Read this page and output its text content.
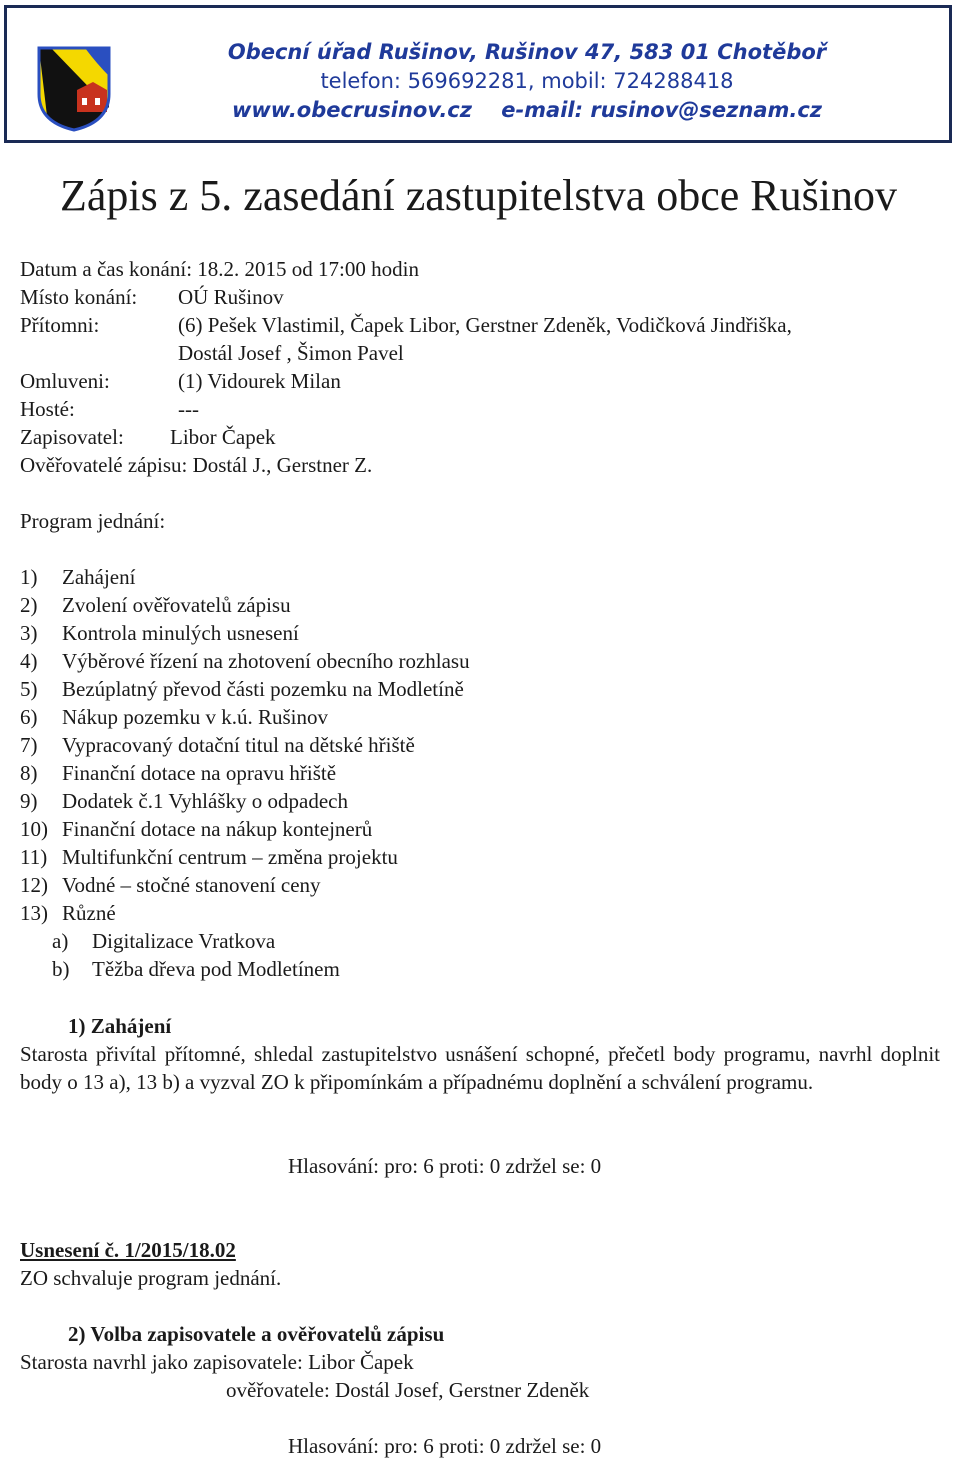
Obecní úřad Rušinov, Rušinov 47, 583 01 Chotěboř
telefon: 569692281, mobil: 724288418
www.obecrusinov.cz e-mail: rusinov@seznam.cz
Zápis z 5. zasedání zastupitelstva obce Rušinov
Datum a čas konání: 18.2. 2015 od 17:00 hodin
Místo konání: OÚ Rušinov
Přítomni:	(6) Pešek Vlastimil, Čapek Libor, Gerstner Zdeněk, Vodičková Jindřiška,
Dostál Josef , Šimon Pavel
Omluveni:	(1) Vidourek Milan
Hosté:	---
Zapisovatel: Libor Čapek
Ověřovatelé zápisu: Dostál J., Gerstner Z.
Program jednání:
1) Zahájení
2) Zvolení ověřovatelů zápisu
3) Kontrola minulých usnesení
4) Výběrové řízení na zhotovení obecního rozhlasu
5) Bezúplatný převod části pozemku na Modletíně
6) Nákup pozemku v k.ú. Rušinov
7) Vypracovaný dotační titul na dětské hřiště
8) Finanční dotace na opravu hřiště
9) Dodatek č.1 Vyhlášky o odpadech
10) Finanční dotace na nákup kontejnerů
11) Multifunkční centrum – změna projektu
12) Vodné – stočné stanovení ceny
13) Různé
a) Digitalizace Vratkova
b) Těžba dřeva pod Modletínem
1) Zahájení
Starosta přivítal přítomné, shledal zastupitelstvo usnášení schopné, přečetl body programu, navrhl doplnit body o 13 a), 13 b) a vyzval ZO k připomínkám a případnému doplnění a schválení programu.
Hlasování: pro: 6 proti: 0 zdržel se: 0
Usnesení č. 1/2015/18.02
ZO schvaluje program jednání.
2) Volba zapisovatele a ověřovatelů zápisu
Starosta navrhl jako zapisovatele: Libor Čapek
ověřovatele: Dostál Josef, Gerstner Zdeněk
Hlasování: pro: 6 proti: 0 zdržel se: 0
